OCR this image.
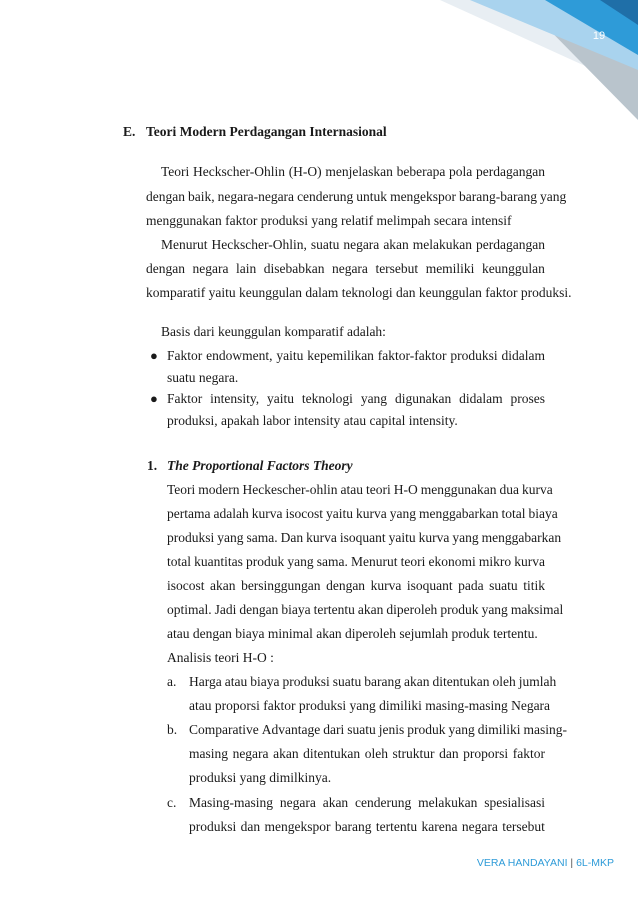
19
E. Teori Modern Perdagangan Internasional
Teori Heckscher-Ohlin (H-O) menjelaskan beberapa pola perdagangan
dengan baik, negara-negara cenderung untuk mengekspor barang-barang yang
menggunakan faktor produksi yang relatif melimpah secara intensif
Menurut Heckscher-Ohlin, suatu negara akan melakukan perdagangan
dengan negara lain disebabkan negara tersebut memiliki keunggulan
komparatif yaitu keunggulan dalam teknologi dan keunggulan faktor produksi.
Basis dari keunggulan komparatif adalah:
● Faktor endowment, yaitu kepemilikan faktor-faktor produksi didalam
suatu negara.
● Faktor intensity, yaitu teknologi yang digunakan didalam proses
produksi, apakah labor intensity atau capital intensity.
1. The Proportional Factors Theory
Teori modern Heckescher-ohlin atau teori H-O menggunakan dua kurva
pertama adalah kurva isocost yaitu kurva yang menggabarkan total biaya
produksi yang sama. Dan kurva isoquant yaitu kurva yang menggabarkan
total kuantitas produk yang sama. Menurut teori ekonomi mikro kurva
isocost akan bersinggungan dengan kurva isoquant pada suatu titik
optimal. Jadi dengan biaya tertentu akan diperoleh produk yang maksimal
atau dengan biaya minimal akan diperoleh sejumlah produk tertentu.
Analisis teori H-O :
a. Harga atau biaya produksi suatu barang akan ditentukan oleh jumlah
atau proporsi faktor produksi yang dimiliki masing-masing Negara
b. Comparative Advantage dari suatu jenis produk yang dimiliki masing-
masing negara akan ditentukan oleh struktur dan proporsi faktor
produksi yang dimilkinya.
c. Masing-masing negara akan cenderung melakukan spesialisasi
produksi dan mengekspor barang tertentu karena negara tersebut
VERA HANDAYANI | 6L-MKP
